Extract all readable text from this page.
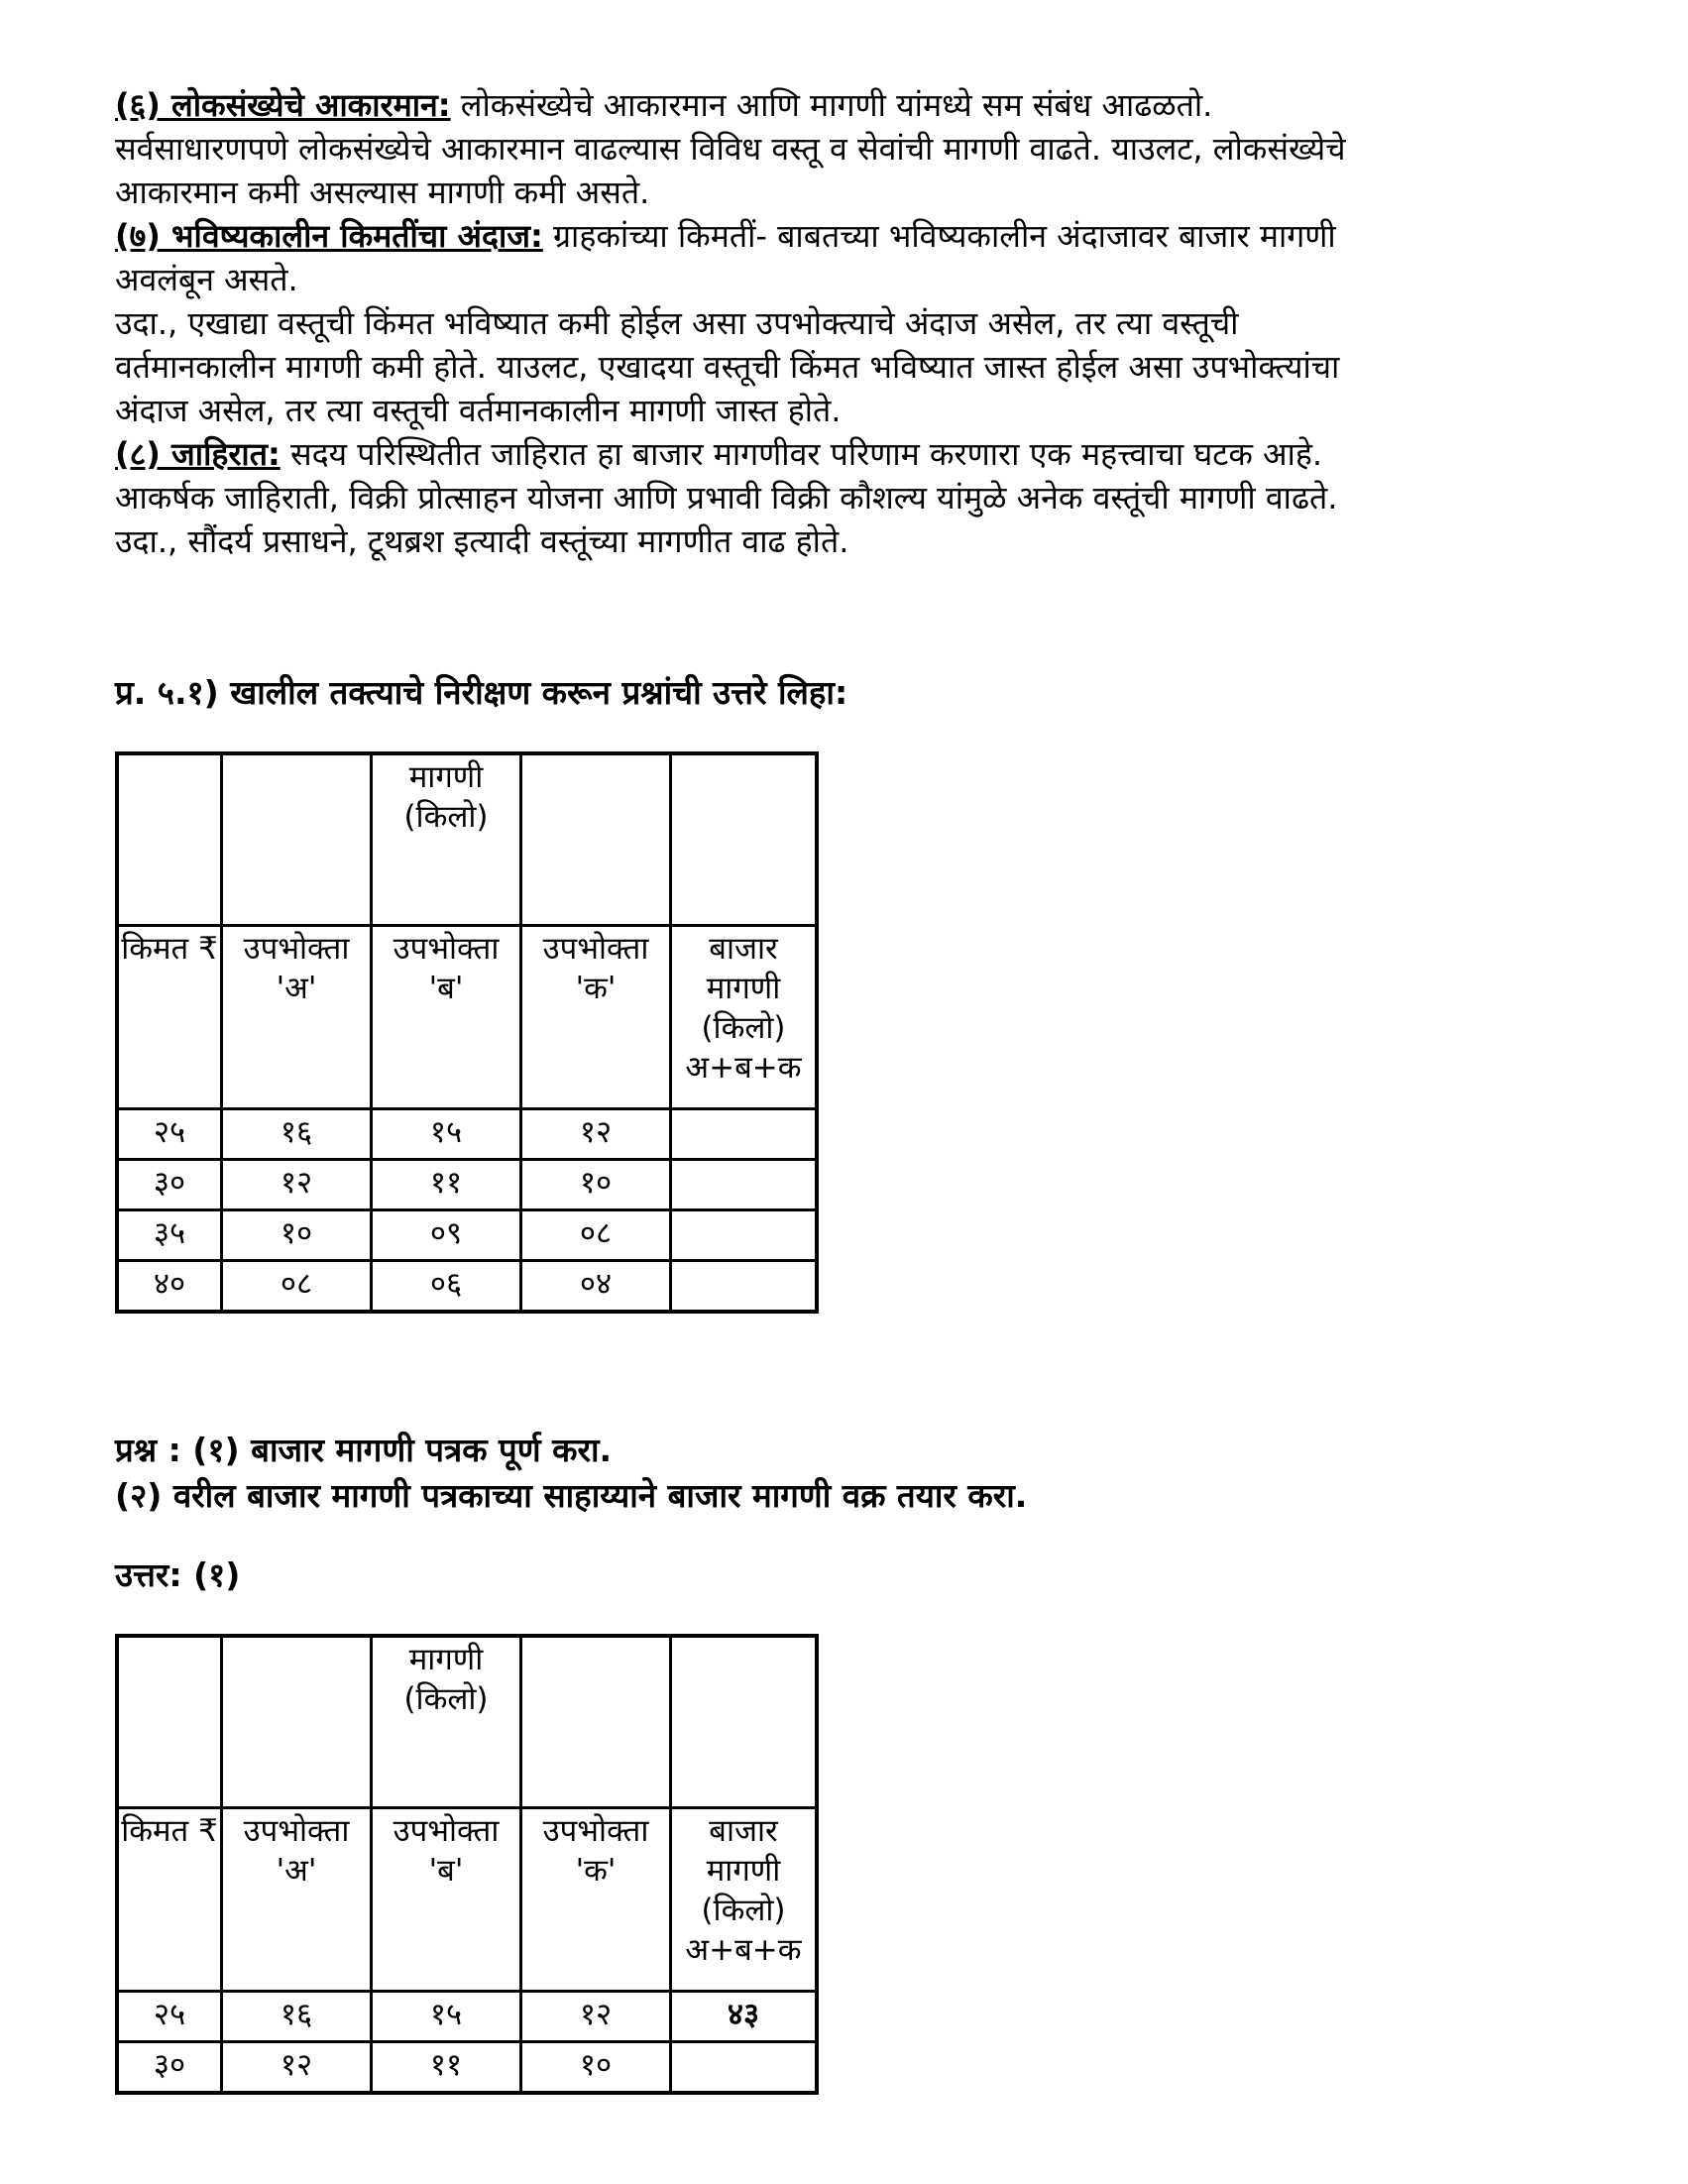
(६) लोकसंख्येचे आकारमान: लोकसंख्येचे आकारमान आणि मागणी यांमध्ये सम संबंध आढळतो.
सर्वसाधारणपणे लोकसंख्येचे आकारमान वाढल्यास विविध वस्तू व सेवांची मागणी वाढते. याउलट, लोकसंख्येचे
आकारमान कमी असल्यास मागणी कमी असते.
(७) भविष्यकालीन किमतींचा अंदाज: ग्राहकांच्या किमतीं- बाबतच्या भविष्यकालीन अंदाजावर बाजार मागणी
अवलंबून असते.
उदा., एखाद्या वस्तूची किंमत भविष्यात कमी होईल असा उपभोक्त्याचे अंदाज असेल, तर त्या वस्तूची
वर्तमानकालीन मागणी कमी होते. याउलट, एखादया वस्तूची किंमत भविष्यात जास्त होईल असा उपभोक्त्यांचा
अंदाज असेल, तर त्या वस्तूची वर्तमानकालीन मागणी जास्त होते.
(८) जाहिरात: सदय परिस्थितीत जाहिरात हा बाजार मागणीवर परिणाम करणारा एक महत्त्वाचा घटक आहे.
आकर्षक जाहिराती, विक्री प्रोत्साहन योजना आणि प्रभावी विक्री कौशल्य यांमुळे अनेक वस्तूंची मागणी वाढते.
उदा., सौंदर्य प्रसाधने, टूथब्रश इत्यादी वस्तूंच्या मागणीत वाढ होते.
प्र. ५.१) खालील तक्त्याचे निरीक्षण करून प्रश्नांची उत्तरे लिहा:
		मागणी (किलो)		
किमत ₹	उपभोक्ता 'अ'	उपभोक्ता 'ब'	उपभोक्ता 'क'	बाजार मागणी (किलो) अ+ब+क
२५	१६	१५	१२	
३०	१२	११	१०	
३५	१०	०९	०८	
४०	०८	०६	०४	
प्रश्न : (१) बाजार मागणी पत्रक पूर्ण करा.
(२) वरील बाजार मागणी पत्रकाच्या साहाय्याने बाजार मागणी वक्र तयार करा.
उत्तर: (१)
		मागणी (किलो)		
किमत ₹	उपभोक्ता 'अ'	उपभोक्ता 'ब'	उपभोक्ता 'क'	बाजार मागणी (किलो) अ+ब+क
२५	१६	१५	१२	४३
३०	१२	११	१०	
